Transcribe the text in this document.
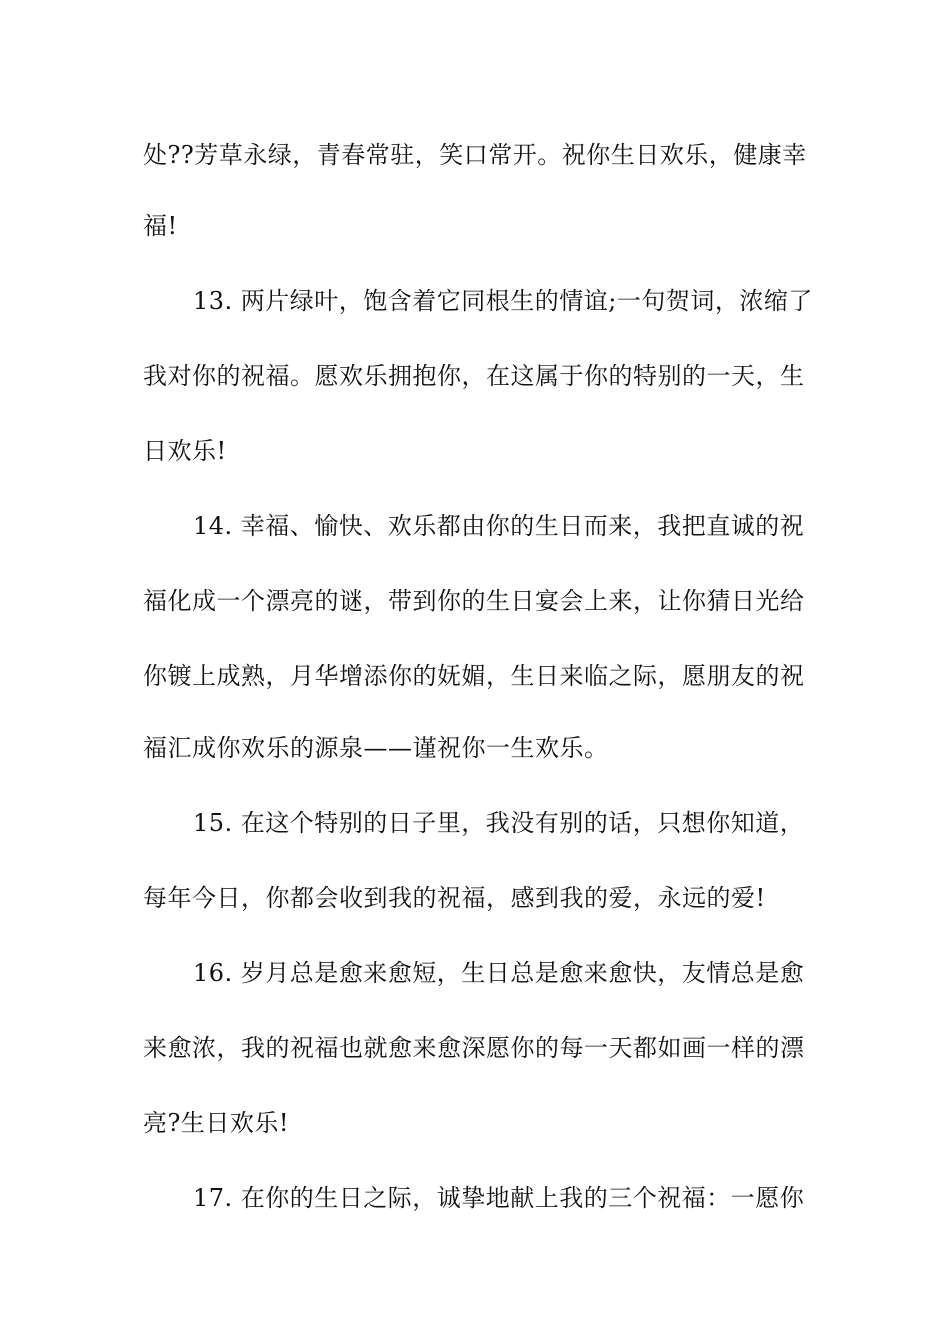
处??芳草永绿，青春常驻，笑口常开。祝你生日欢乐，健康幸
福!
13. 两片绿叶，饱含着它同根生的情谊;一句贺词，浓缩了
我对你的祝福。愿欢乐拥抱你，在这属于你的特别的一天，生
日欢乐!
14. 幸福、愉快、欢乐都由你的生日而来，我把直诚的祝
福化成一个漂亮的谜，带到你的生日宴会上来，让你猜日光给
你镀上成熟，月华增添你的妩媚，生日来临之际，愿朋友的祝
福汇成你欢乐的源泉——谨祝你一生欢乐。
15. 在这个特别的日子里，我没有别的话，只想你知道，
每年今日，你都会收到我的祝福，感到我的爱，永远的爱!
16. 岁月总是愈来愈短，生日总是愈来愈快，友情总是愈
来愈浓，我的祝福也就愈来愈深愿你的每一天都如画一样的漂
亮?生日欢乐!
17. 在你的生日之际，诚挚地献上我的三个祝福：一愿你
